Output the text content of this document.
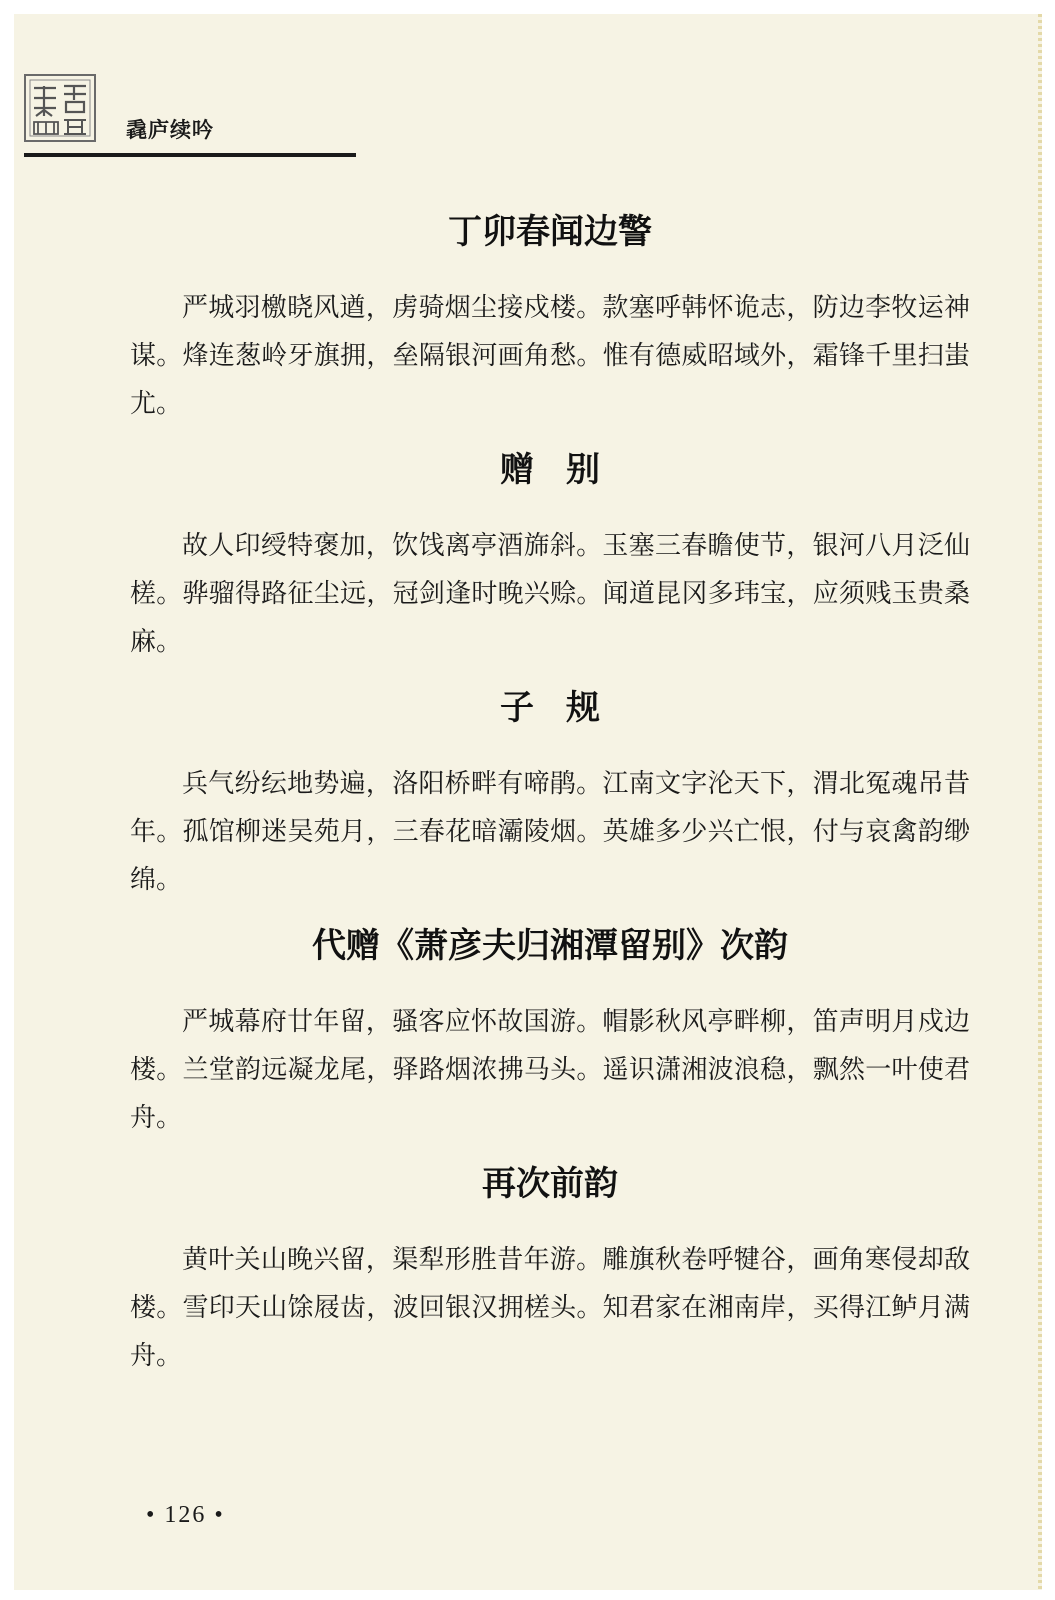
毳庐续吟
丁卯春闻边警
严城羽檄晓风遒，虏骑烟尘接戍楼。款塞呼韩怀诡志，防边李牧运神谋。烽连葱岭牙旗拥，垒隔银河画角愁。惟有德威昭域外，霜锋千里扫蚩尤。
赠别
故人印绶特褒加，饮饯离亭酒旆斜。玉塞三春瞻使节，银河八月泛仙槎。骅骝得路征尘远，冠剑逢时晚兴赊。闻道昆冈多玮宝，应须贱玉贵桑麻。
子规
兵气纷纭地势遍，洛阳桥畔有啼鹃。江南文字沦天下，渭北冤魂吊昔年。孤馆柳迷吴苑月，三春花暗灞陵烟。英雄多少兴亡恨，付与哀禽韵缈绵。
代赠《萧彦夫归湘潭留别》次韵
严城幕府廿年留，骚客应怀故国游。帽影秋风亭畔柳，笛声明月戍边楼。兰堂韵远凝龙尾，驿路烟浓拂马头。遥识潇湘波浪稳，飘然一叶使君舟。
再次前韵
黄叶关山晚兴留，渠犁形胜昔年游。雕旗秋卷呼犍谷，画角寒侵却敌楼。雪印天山馀屐齿，波回银汉拥槎头。知君家在湘南岸，买得江鲈月满舟。
• 126 •
